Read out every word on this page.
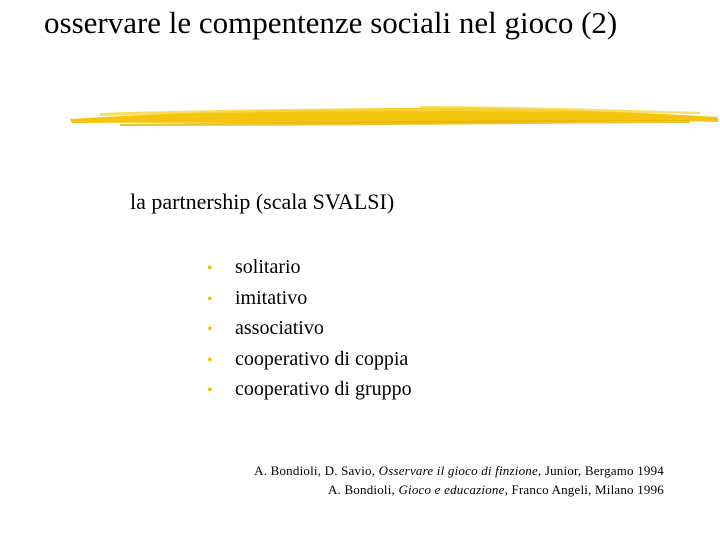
osservare le compentenze sociali nel gioco (2)

la partnership (scala SVALSI)

• solitario
• imitativo
• associativo
• cooperativo di coppia
• cooperativo di gruppo

A. Bondioli, D. Savio, Osservare il gioco di finzione, Junior, Bergamo 1994

A. Bondioli, Gioco e educazione, Franco Angeli, Milano 1996
